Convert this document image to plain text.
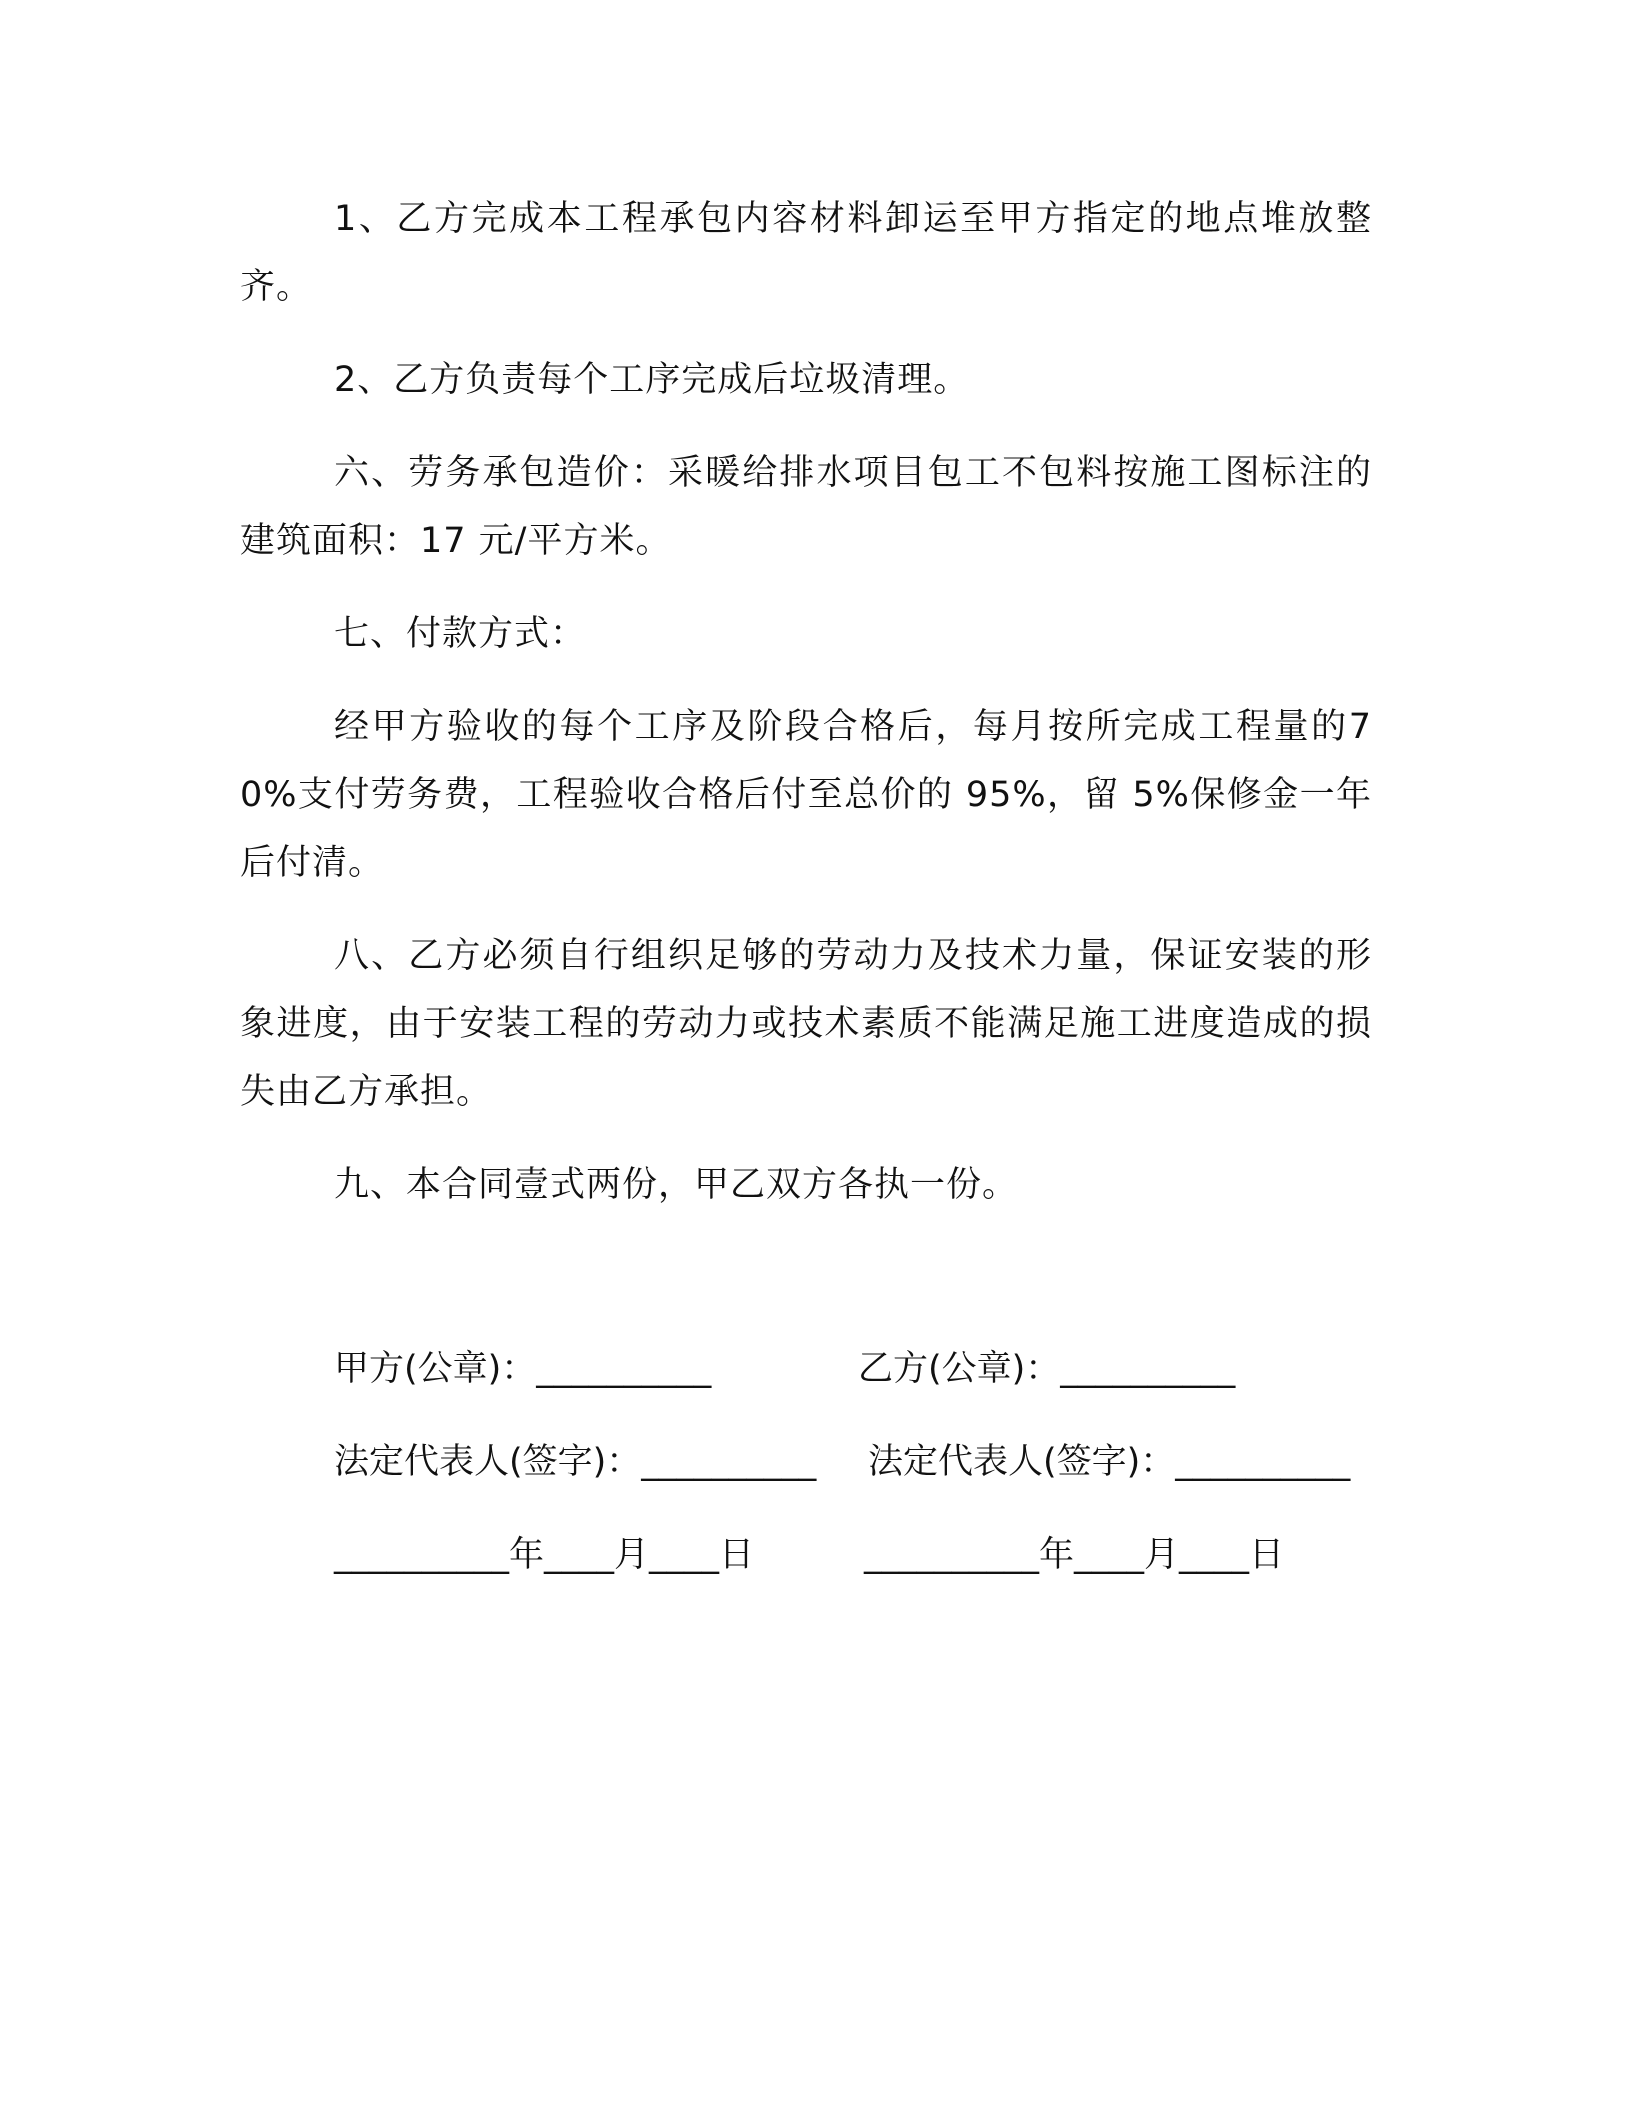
1、乙方完成本工程承包内容材料卸运至甲方指定的地点堆放整齐。

2、乙方负责每个工序完成后垃圾清理。

六、劳务承包造价：采暖给排水项目包工不包料按施工图标注的建筑面积：17 元/平方米。

七、付款方式：

经甲方验收的每个工序及阶段合格后，每月按所完成工程量的70%支付劳务费，工程验收合格后付至总价的 95%，留 5%保修金一年后付清。

八、乙方必须自行组织足够的劳动力及技术力量，保证安装的形象进度，由于安装工程的劳动力或技术素质不能满足施工进度造成的损失由乙方承担。

九、本合同壹式两份，甲乙双方各执一份。

甲方(公章)：__________	乙方(公章)：__________
法定代表人(签字)：__________ 法定代表人(签字)：__________
__________年____月____日	__________年____月____日
